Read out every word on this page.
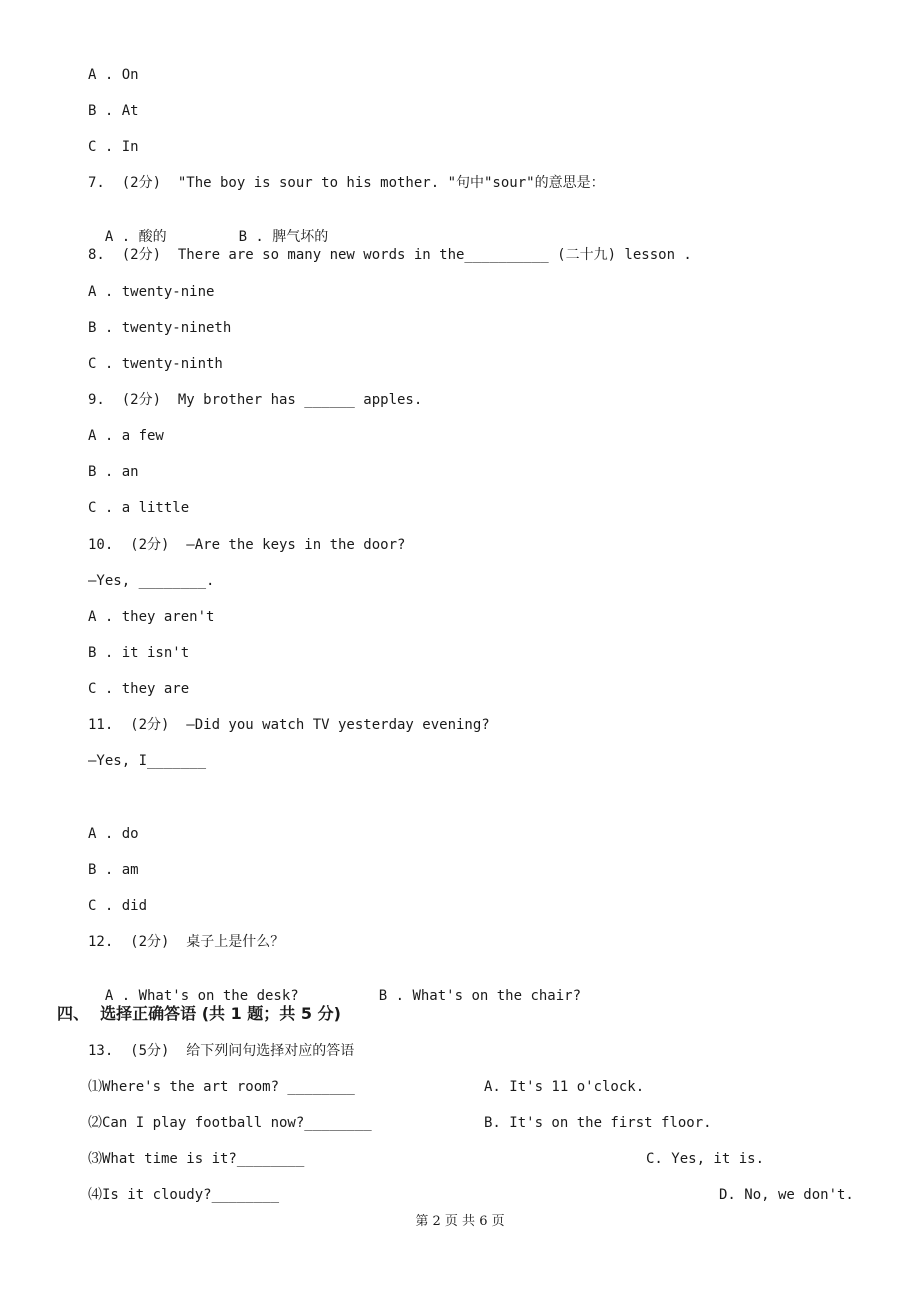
A . On
B . At
C . In
7.  (2分)  "The boy is sour to his mother. "句中"sour"的意思是：

A . 酸的	B . 脾气坏的

8.  (2分)  There are so many new words in the__________ (二十九) lesson .
A . twenty-nine
B . twenty-nineth
C . twenty-ninth
9.  (2分)  My brother has ______ apples.
A . a few
B . an
C . a little
10.  (2分)  —Are the keys in the door?
—Yes, ________.
A . they aren't
B . it isn't
C . they are
11.  (2分)  —Did you watch TV yesterday evening?
—Yes, I_______
A . do
B . am
C . did
12.  (2分)  桌子上是什么？

A . What's on the desk?	B . What's on the chair?

四、  选择正确答语 (共 1 题；共 5 分)
13.  (5分)  给下列问句选择对应的答语
⑴Where's the art room? ________	A. It's 11 o'clock.
⑵Can I play football now?________	B. It's on the first floor.
⑶What time is it?________	C. Yes, it is.
⑷Is it cloudy?________	D. No, we don't.
第 2 页 共 6 页
